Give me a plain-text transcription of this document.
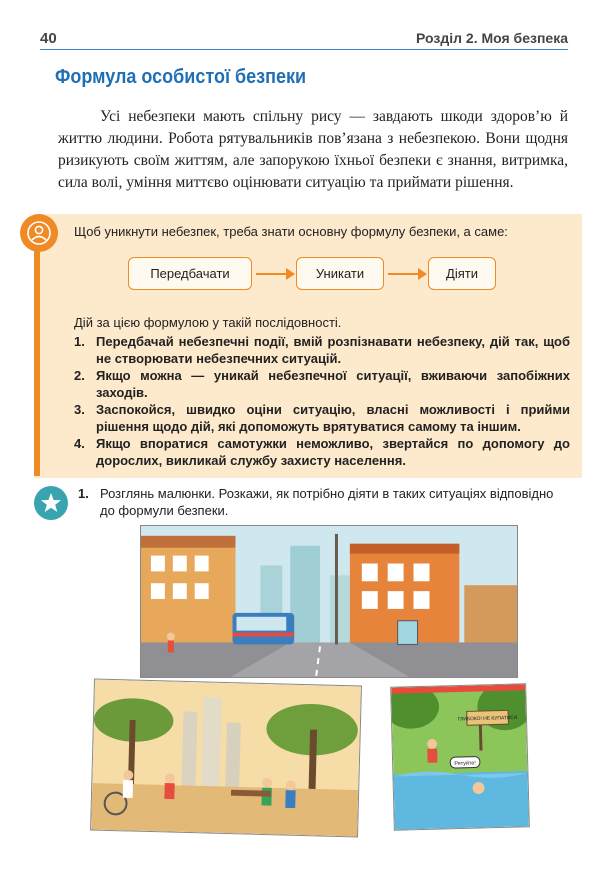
40	Розділ 2. Моя безпека
Формула особистої безпеки

Усі небезпеки мають спільну рису — завдають шкоди здоров’ю й життю людини. Робота рятувальників пов’язана з небезпекою. Вони щодня ризикують своїм життям, але запорукою їхньої безпеки є знання, витримка, сила волі, уміння миттєво оцінювати ситуацію та приймати рішення.

Щоб уникнути небезпек, треба знати основну формулу безпеки, а саме:
Передбачати	Уникати	Діяти
Дій за цією формулою у такій послідовності.
1. Передбачай небезпечні події, вмій розпізнавати небезпеку, дій так, щоб не створювати небезпечних ситуацій.
2. Якщо можна — уникай небезпечної ситуації, вживаючи запобіжних заходів.
3. Заспокойся, швидко оціни ситуацію, власні можливості і прийми рішення щодо дій, які допоможуть врятуватися самому та іншим.
4. Якщо впоратися самотужки неможливо, звертайся по допомогу до дорослих, викликай службу захисту населення.
1. Розглянь малюнки. Розкажи, як потрібно діяти в таких ситуаціях відповідно до формули безпеки.
ГЛИБОКО! НЕ КУПАТИСЯ
Рятуйте!
